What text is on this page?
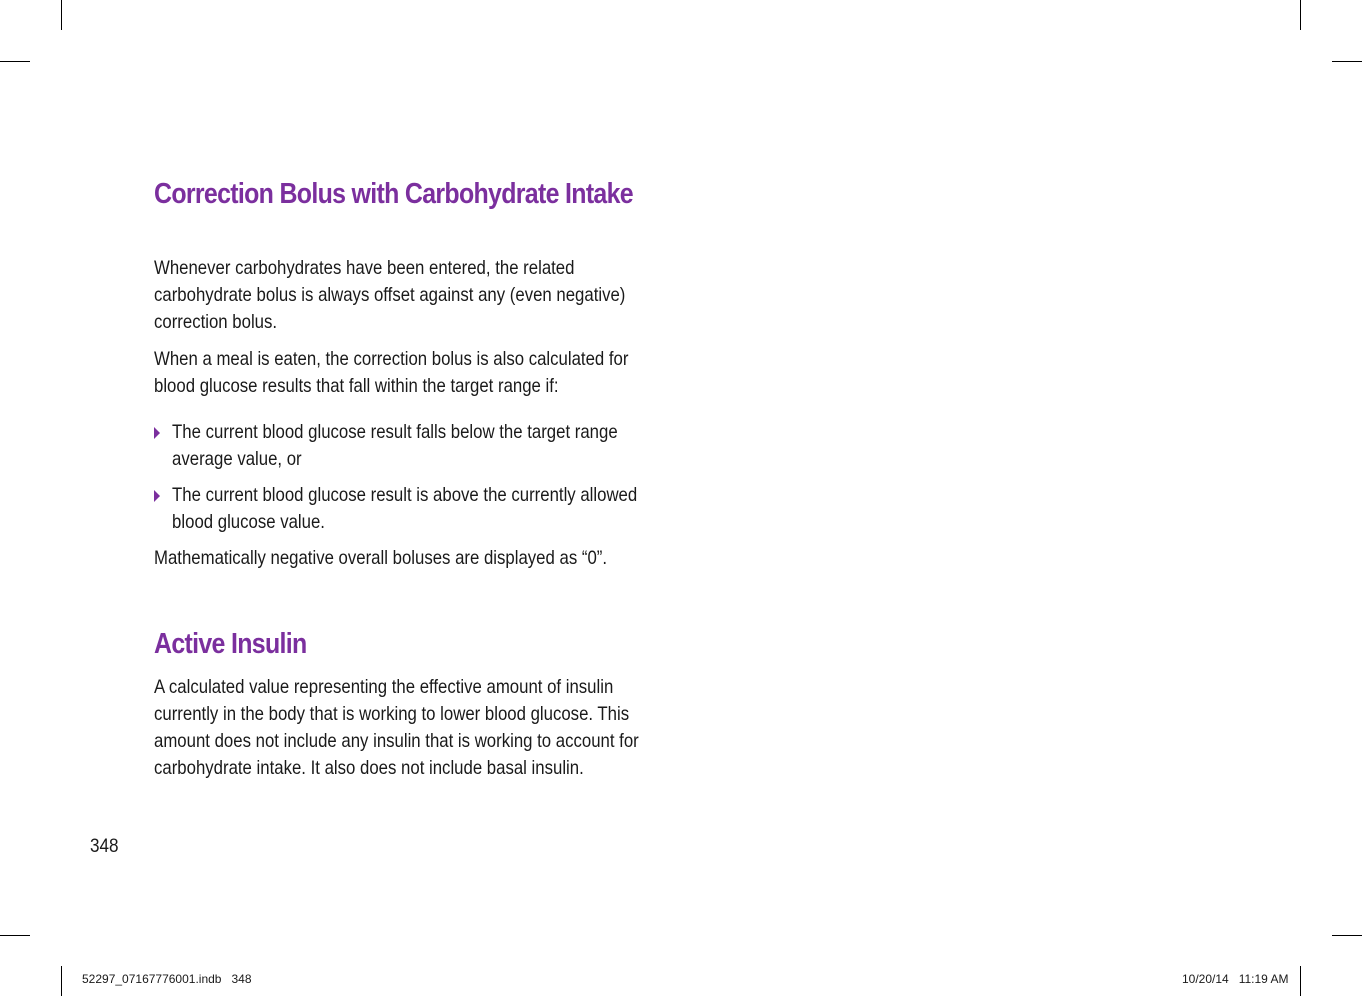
Correction Bolus with Carbohydrate Intake
Whenever carbohydrates have been entered, the related
carbohydrate bolus is always offset against any (even negative)
correction bolus.
When a meal is eaten, the correction bolus is also calculated for
blood glucose results that fall within the target range if:
The current blood glucose result falls below the target range
average value, or
The current blood glucose result is above the currently allowed
blood glucose value.
Mathematically negative overall boluses are displayed as “0”.
Active Insulin
A calculated value representing the effective amount of insulin
currently in the body that is working to lower blood glucose. This
amount does not include any insulin that is working to account for
carbohydrate intake. It also does not include basal insulin.
348
52297_07167776001.indb   348	10/20/14   11:19 AM
